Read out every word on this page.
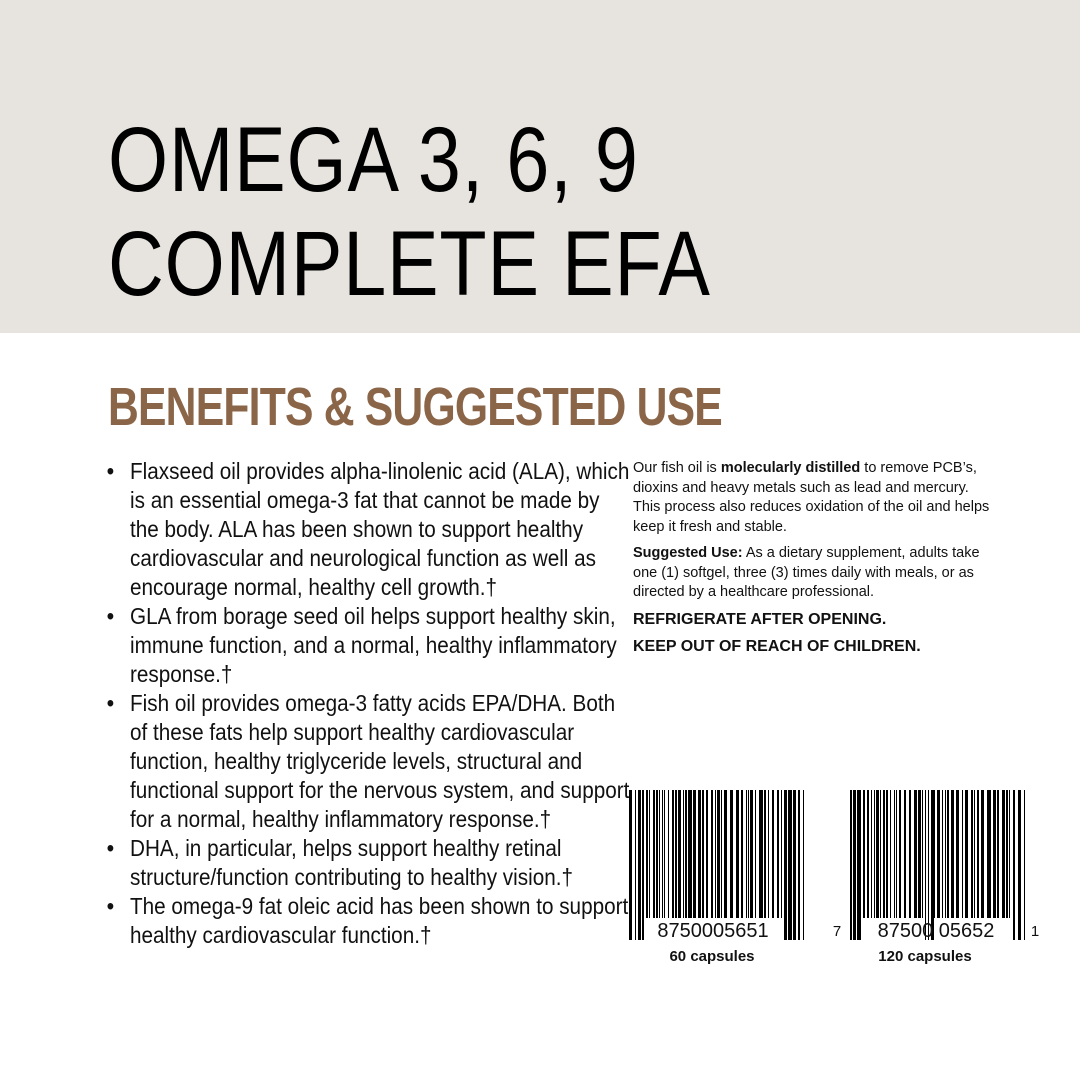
OMEGA 3, 6, 9
COMPLETE EFA
BENEFITS & SUGGESTED USE
• Flaxseed oil provides alpha-linolenic acid (ALA), which is an essential omega-3 fat that cannot be made by the body. ALA has been shown to support healthy cardiovascular and neurological function as well as encourage normal, healthy cell growth.†
• GLA from borage seed oil helps support healthy skin, immune function, and a normal, healthy inflammatory response.†
• Fish oil provides omega-3 fatty acids EPA/DHA. Both of these fats help support healthy cardiovascular function, healthy triglyceride levels, structural and functional support for the nervous system, and support for a normal, healthy inflammatory response.†
• DHA, in particular, helps support healthy retinal structure/function contributing to healthy vision.†
• The omega-9 fat oleic acid has been shown to support healthy cardiovascular function.†

Our fish oil is molecularly distilled to remove PCB’s, dioxins and heavy metals such as lead and mercury. This process also reduces oxidation of the oil and helps keep it fresh and stable.

Suggested Use: As a dietary supplement, adults take one (1) softgel, three (3) times daily with meals, or as directed by a healthcare professional.

REFRIGERATE AFTER OPENING.

KEEP OUT OF REACH OF CHILDREN.

8750005651
60 capsules
7 87500 05652 1
120 capsules
